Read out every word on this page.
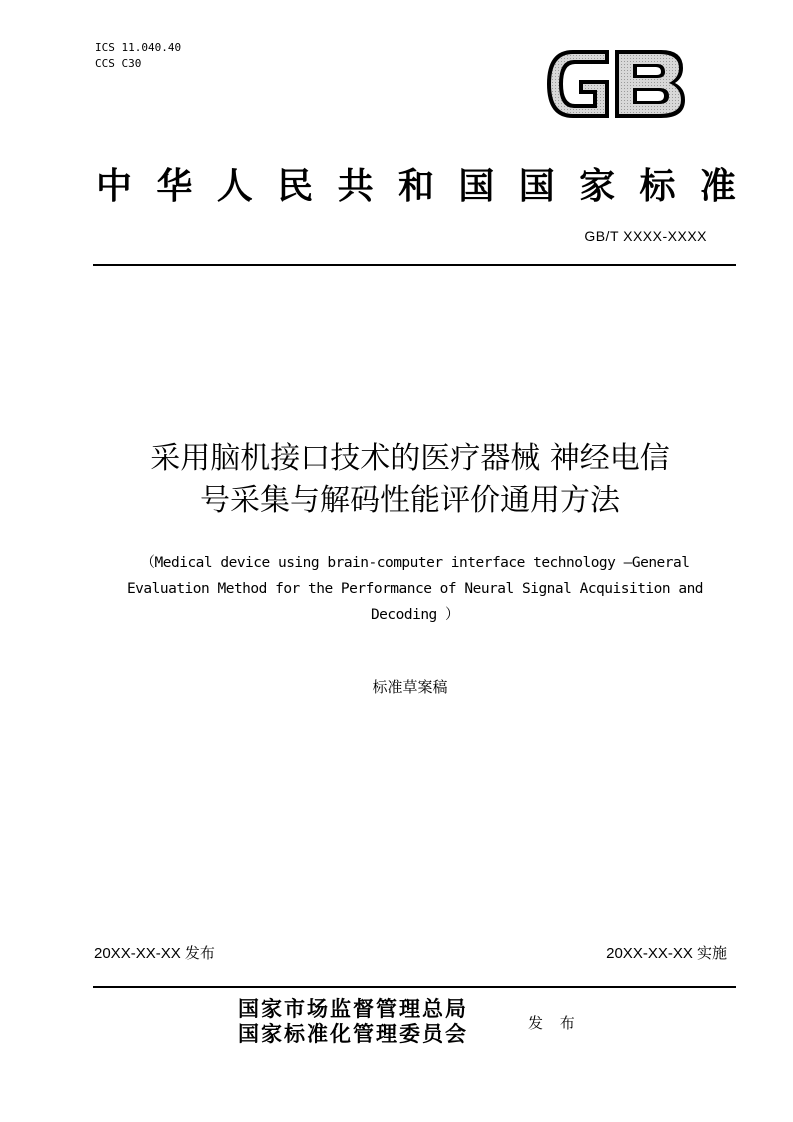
ICS 11.040.40
CCS C30
中 华 人 民 共 和 国 国 家 标 准
GB/T XXXX-XXXX
采用脑机接口技术的医疗器械 神经电信
号采集与解码性能评价通用方法
（Medical device using brain-computer interface technology —General
Evaluation Method for the Performance of Neural Signal Acquisition and
Decoding ）
标准草案稿
20XX-XX-XX 发布	20XX-XX-XX 实施
国家市场监督管理总局
国家标准化管理委员会	发 布
